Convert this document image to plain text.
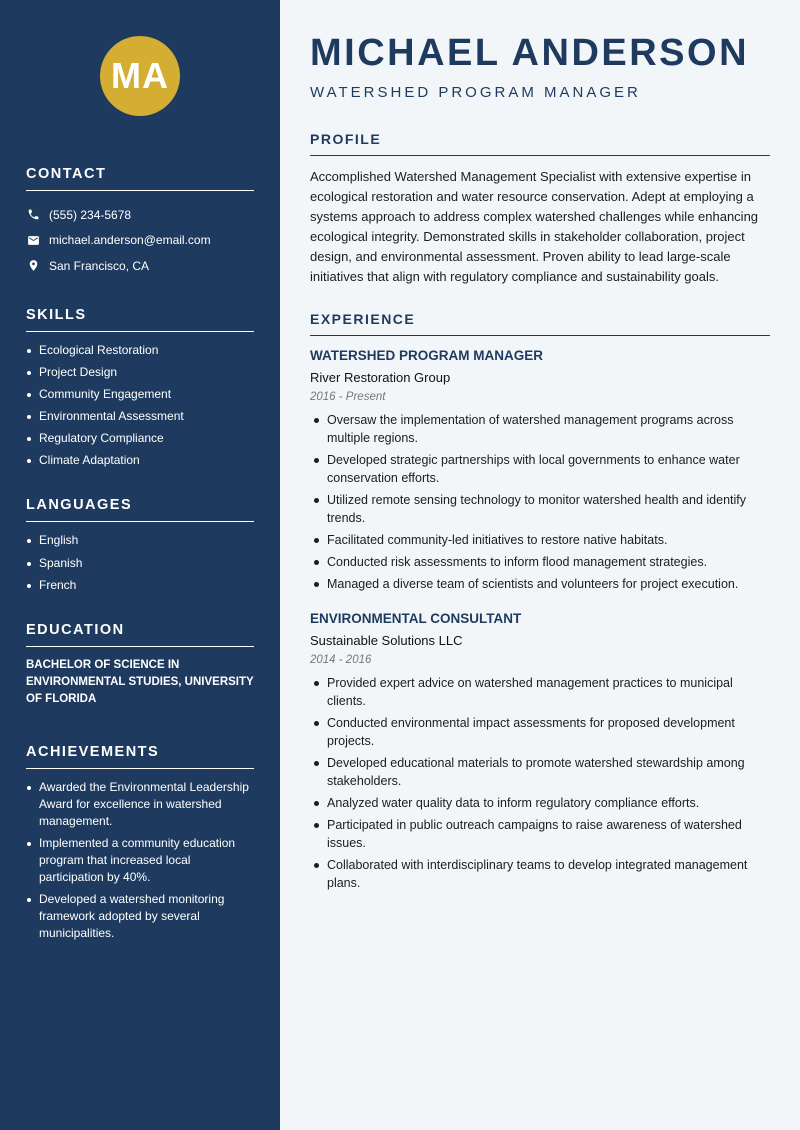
MA
CONTACT
(555) 234-5678
michael.anderson@email.com
San Francisco, CA
SKILLS
Ecological Restoration
Project Design
Community Engagement
Environmental Assessment
Regulatory Compliance
Climate Adaptation
LANGUAGES
English
Spanish
French
EDUCATION

BACHELOR OF SCIENCE IN ENVIRONMENTAL STUDIES, UNIVERSITY OF FLORIDA

ACHIEVEMENTS
Awarded the Environmental Leadership Award for excellence in watershed management.
Implemented a community education program that increased local participation by 40%.
Developed a watershed monitoring framework adopted by several municipalities.
MICHAEL ANDERSON
WATERSHED PROGRAM MANAGER
PROFILE

Accomplished Watershed Management Specialist with extensive expertise in ecological restoration and water resource conservation. Adept at employing a systems approach to address complex watershed challenges while enhancing ecological integrity. Demonstrated skills in stakeholder collaboration, project design, and environmental assessment. Proven ability to lead large-scale initiatives that align with regulatory compliance and sustainability goals.

EXPERIENCE
WATERSHED PROGRAM MANAGER
River Restoration Group
2016 - Present
Oversaw the implementation of watershed management programs across multiple regions.
Developed strategic partnerships with local governments to enhance water conservation efforts.
Utilized remote sensing technology to monitor watershed health and identify trends.
Facilitated community-led initiatives to restore native habitats.
Conducted risk assessments to inform flood management strategies.
Managed a diverse team of scientists and volunteers for project execution.
ENVIRONMENTAL CONSULTANT
Sustainable Solutions LLC
2014 - 2016
Provided expert advice on watershed management practices to municipal clients.
Conducted environmental impact assessments for proposed development projects.
Developed educational materials to promote watershed stewardship among stakeholders.
Analyzed water quality data to inform regulatory compliance efforts.
Participated in public outreach campaigns to raise awareness of watershed issues.
Collaborated with interdisciplinary teams to develop integrated management plans.
